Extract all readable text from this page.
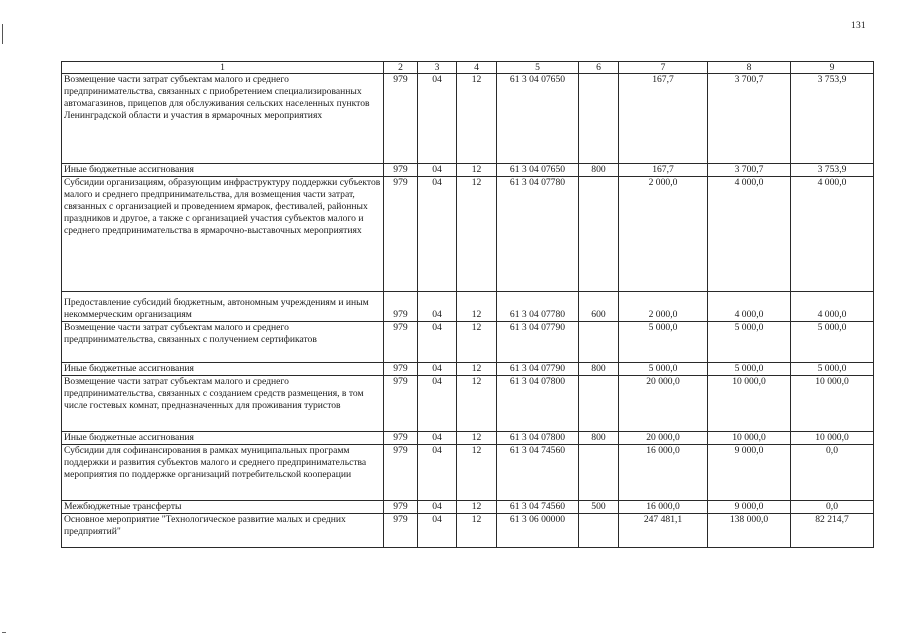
131
1	2	3	4	5	6	7	8	9
Возмещение части затрат субъектам малого и среднего предпринимательства, связанных с приобретением специализированных автомагазинов, прицепов для обслуживания сельских населенных пунктов Ленинградской области и участия в ярмарочных мероприятиях	979	04	12	61 3 04 07650		167,7	3 700,7	3 753,9
Иные бюджетные ассигнования	979	04	12	61 3 04 07650	800	167,7	3 700,7	3 753,9
Субсидии организациям, образующим инфраструктуру поддержки субъектов малого и среднего предпринимательства, для возмещения части затрат, связанных с организацией и проведением ярмарок, фестивалей, районных праздников и другое, а также с организацией участия субъектов малого и среднего предпринимательства в ярмарочно-выставочных мероприятиях	979	04	12	61 3 04 07780		2 000,0	4 000,0	4 000,0
Предоставление субсидий бюджетным, автономным учреждениям и иным некоммерческим организациям	979	04	12	61 3 04 07780	600	2 000,0	4 000,0	4 000,0
Возмещение части затрат субъектам малого и среднего предпринимательства, связанных с получением сертификатов	979	04	12	61 3 04 07790		5 000,0	5 000,0	5 000,0
Иные бюджетные ассигнования	979	04	12	61 3 04 07790	800	5 000,0	5 000,0	5 000,0
Возмещение части затрат субъектам малого и среднего предпринимательства, связанных с созданием средств размещения, в том числе гостевых комнат, предназначенных для проживания туристов	979	04	12	61 3 04 07800		20 000,0	10 000,0	10 000,0
Иные бюджетные ассигнования	979	04	12	61 3 04 07800	800	20 000,0	10 000,0	10 000,0
Субсидии для софинансирования в рамках муниципальных программ поддержки и развития субъектов малого и среднего предпринимательства мероприятия по поддержке организаций потребительской кооперации	979	04	12	61 3 04 74560		16 000,0	9 000,0	0,0
Межбюджетные трансферты	979	04	12	61 3 04 74560	500	16 000,0	9 000,0	0,0
Основное мероприятие "Технологическое развитие малых и средних предприятий"	979	04	12	61 3 06 00000		247 481,1	138 000,0	82 214,7
